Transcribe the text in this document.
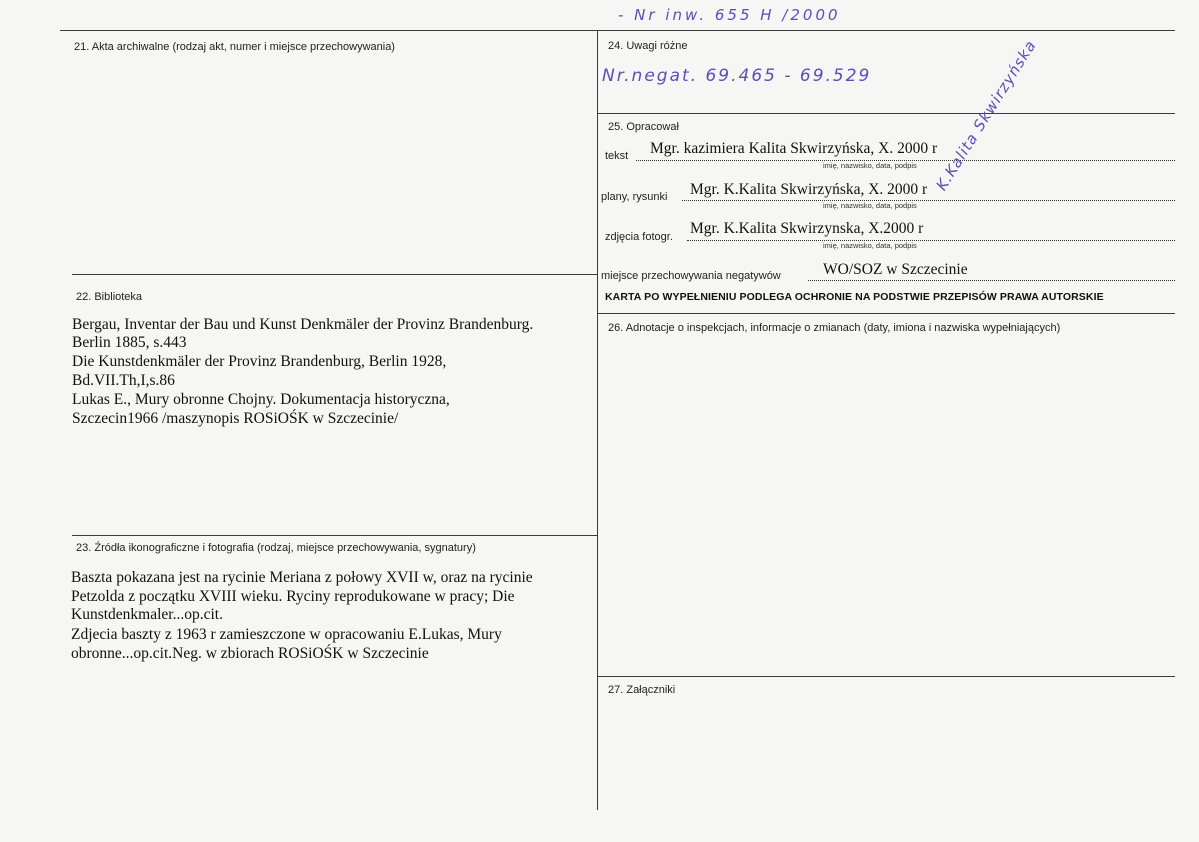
- Nr inw. 655 H /2000
21. Akta archiwalne (rodzaj akt, numer i miejsce przechowywania)
22. Biblioteka
Bergau, Inventar der Bau und Kunst Denkmäler der Provinz Brandenburg.
Berlin 1885, s.443
Die Kunstdenkmäler der Provinz Brandenburg, Berlin 1928,
Bd.VII.Th,I,s.86
Lukas E., Mury obronne Chojny. Dokumentacja historyczna,
Szczecin1966 /maszynopis ROSiOŚK w Szczecinie/
23. Źródła ikonograficzne i fotografia (rodzaj, miejsce przechowywania, sygnatury)
Baszta pokazana jest na rycinie Meriana z połowy XVII w, oraz na rycinie
Petzolda z początku XVIII wieku. Ryciny reprodukowane w pracy; Die
Kunstdenkmaler...op.cit.
Zdjecia baszty z 1963 r zamieszczone w opracowaniu E.Lukas, Mury
obronne...op.cit.Neg. w zbiorach ROSiOŚK w Szczecinie
24. Uwagi różne
Nr.negat. 69.465 - 69.529
25. Opracował
tekst Mgr. kazimiera Kalita Skwirzyńska, X. 2000 r
imię, nazwisko, data, podpis
plany, rysunki Mgr. K.Kalita Skwirzyńska, X. 2000 r
imię, nazwisko, data, podpis
zdjęcia fotogr. Mgr. K.Kalita Skwirzynska, X.2000 r
imię, nazwisko, data, podpis
K.Kalita Skwirzyńska
miejsce przechowywania negatywów	WO/SOZ w Szczecinie
KARTA PO WYPEŁNIENIU PODLEGA OCHRONIE NA PODSTWIE PRZEPISÓW PRAWA AUTORSKIE
26. Adnotacje o inspekcjach, informacje o zmianach (daty, imiona i nazwiska wypełniających)
27. Załączniki
